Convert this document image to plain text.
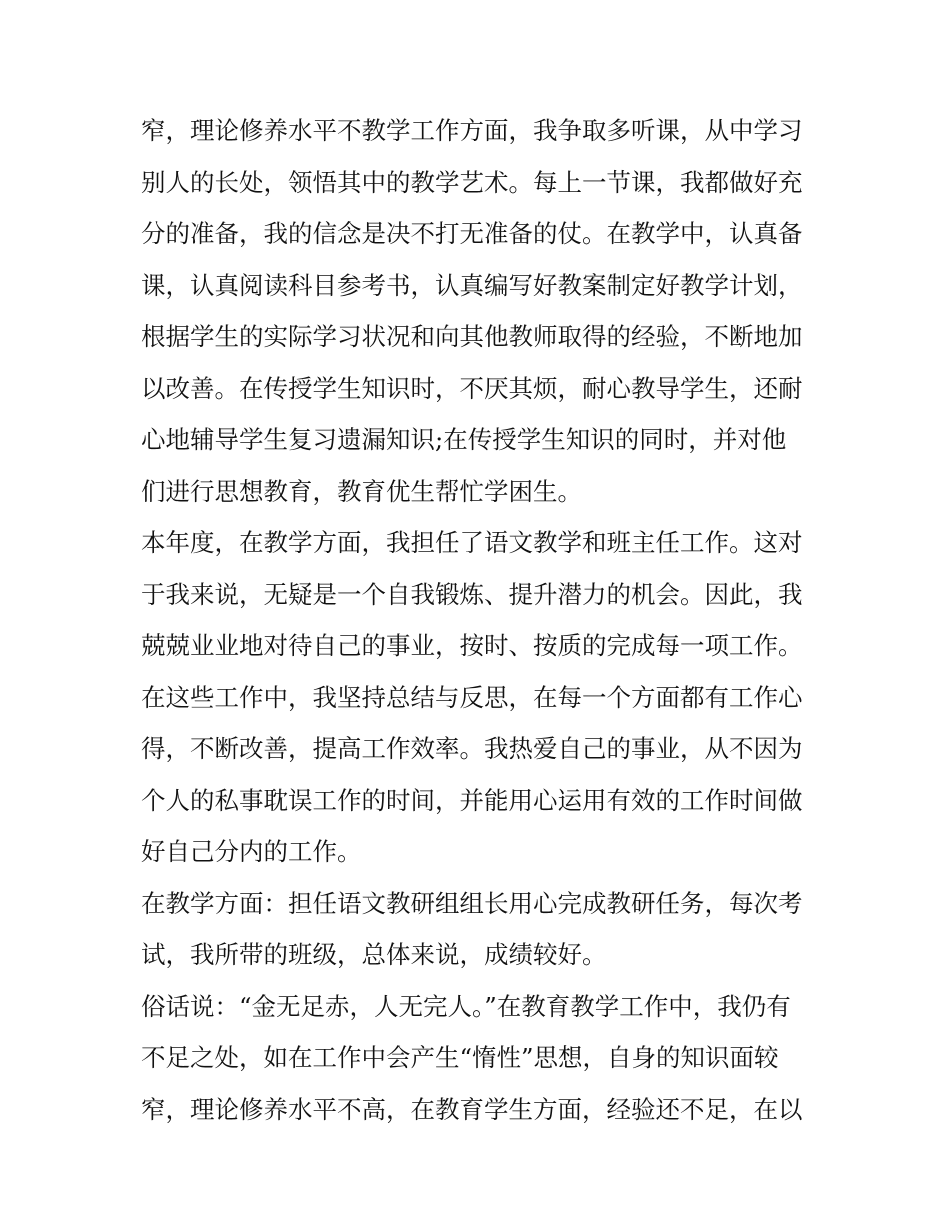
窄，理论修养水平不教学工作方面，我争取多听课，从中学习
别人的长处，领悟其中的教学艺术。每上一节课，我都做好充
分的准备，我的信念是决不打无准备的仗。在教学中，认真备
课，认真阅读科目参考书，认真编写好教案制定好教学计划，
根据学生的实际学习状况和向其他教师取得的经验，不断地加
以改善。在传授学生知识时，不厌其烦，耐心教导学生，还耐
心地辅导学生复习遗漏知识;在传授学生知识的同时，并对他
们进行思想教育，教育优生帮忙学困生。
本年度，在教学方面，我担任了语文教学和班主任工作。这对
于我来说，无疑是一个自我锻炼、提升潜力的机会。因此，我
兢兢业业地对待自己的事业，按时、按质的完成每一项工作。
在这些工作中，我坚持总结与反思，在每一个方面都有工作心
得，不断改善，提高工作效率。我热爱自己的事业，从不因为
个人的私事耽误工作的时间，并能用心运用有效的工作时间做
好自己分内的工作。
在教学方面：担任语文教研组组长用心完成教研任务，每次考
试，我所带的班级，总体来说，成绩较好。
俗话说：“金无足赤，人无完人。”在教育教学工作中，我仍有
不足之处，如在工作中会产生“惰性”思想，自身的知识面较
窄，理论修养水平不高，在教育学生方面，经验还不足，在以
